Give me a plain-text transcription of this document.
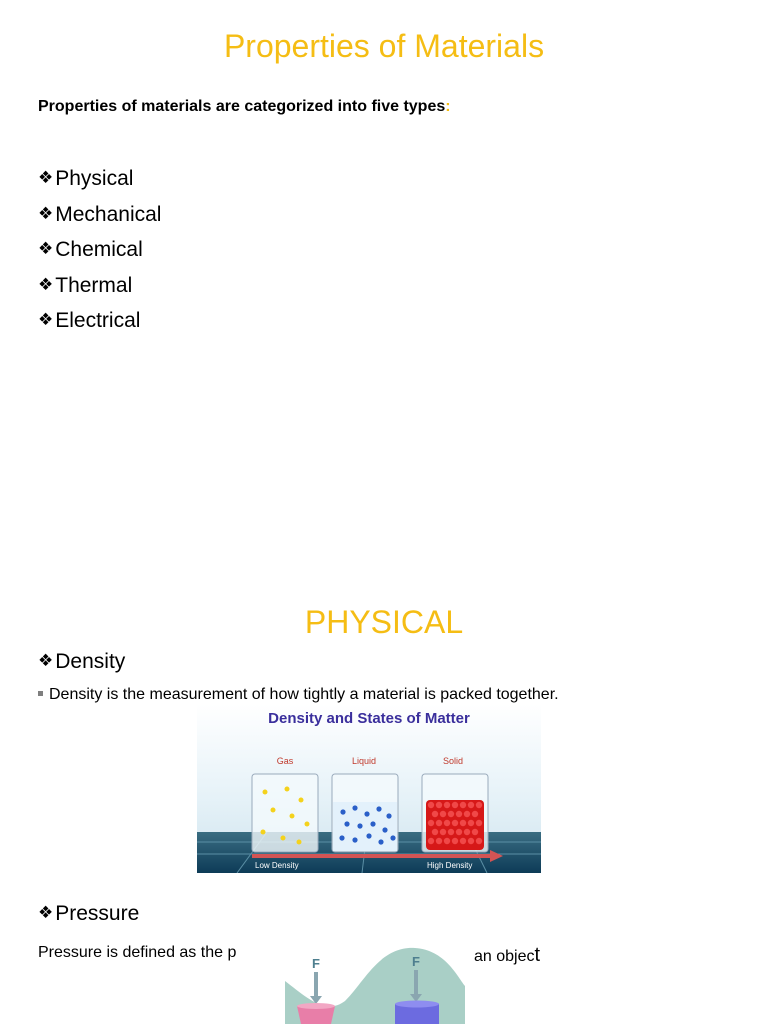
Properties of Materials
Properties of materials are categorized into five types:
❖Physical
❖Mechanical
❖Chemical
❖Thermal
❖Electrical
PHYSICAL
❖Density
Density is the measurement of how tightly a material is packed together.
Density and States of Matter
Gas	Liquid	Solid
Low Density	High Density
❖Pressure
Pressure is defined as the p	an object
F	F
